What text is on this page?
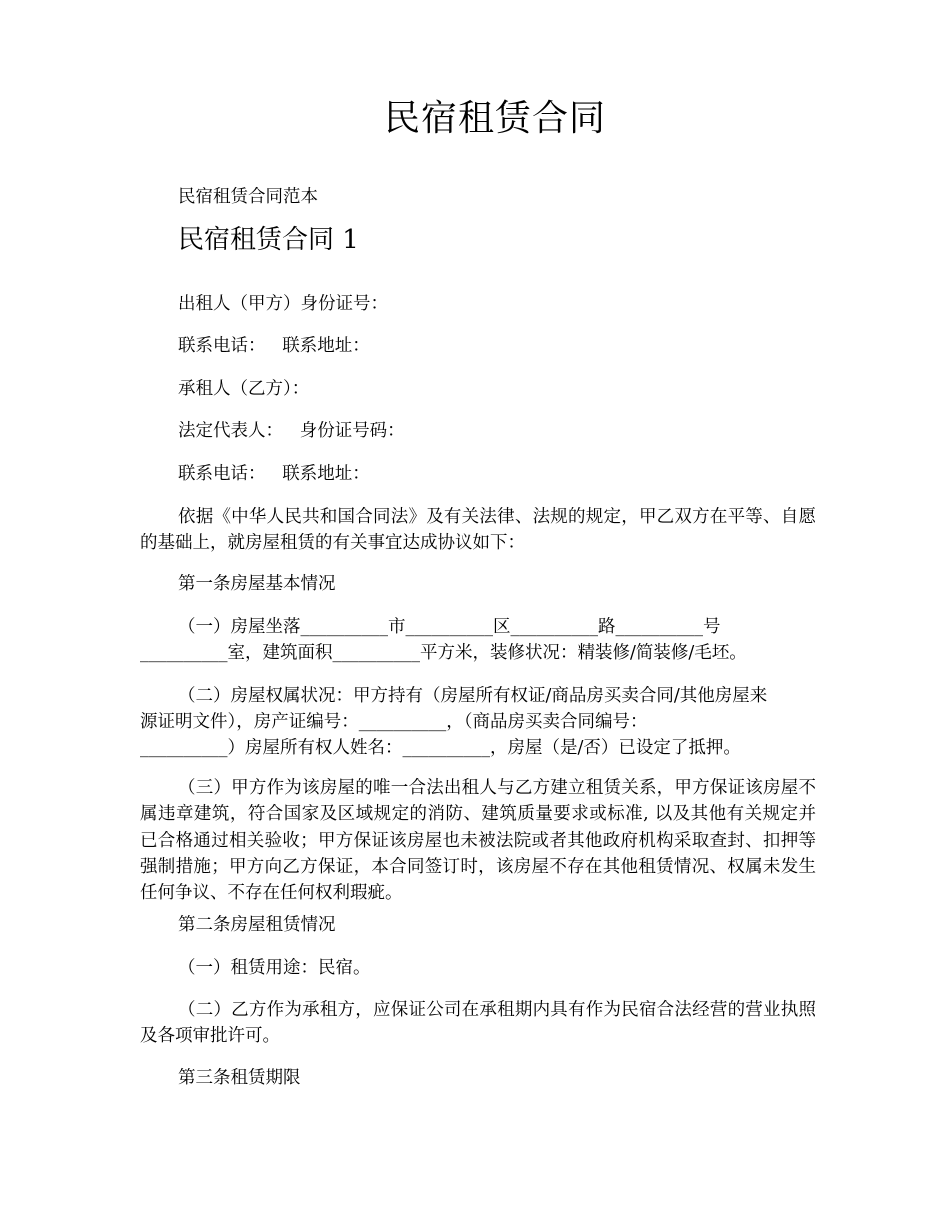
民宿租赁合同
民宿租赁合同范本
民宿租赁合同 1
出租人（甲方）身份证号：
联系电话：   联系地址：
承租人（乙方）：
法定代表人：   身份证号码：
联系电话：   联系地址：
依据《中华人民共和国合同法》及有关法律、法规的规定，甲乙双方在平等、自愿的基础上，就房屋租赁的有关事宜达成协议如下：
第一条房屋基本情况
（一）房屋坐落__________市__________区__________路__________号
__________室，建筑面积__________平方米，装修状况：精装修/简装修/毛坯。
（二）房屋权属状况：甲方持有（房屋所有权证/商品房买卖合同/其他房屋来
源证明文件），房产证编号：__________，（商品房买卖合同编号：
__________）房屋所有权人姓名：__________，房屋（是/否）已设定了抵押。
（三）甲方作为该房屋的唯一合法出租人与乙方建立租赁关系，甲方保证该房屋不属违章建筑，符合国家及区域规定的消防、建筑质量要求或标准, 以及其他有关规定并已合格通过相关验收；甲方保证该房屋也未被法院或者其他政府机构采取查封、扣押等强制措施；甲方向乙方保证，本合同签订时，该房屋不存在其他租赁情况、权属未发生任何争议、不存在任何权利瑕疵。
第二条房屋租赁情况
（一）租赁用途：民宿。
（二）乙方作为承租方，应保证公司在承租期内具有作为民宿合法经营的营业执照及各项审批许可。
第三条租赁期限
